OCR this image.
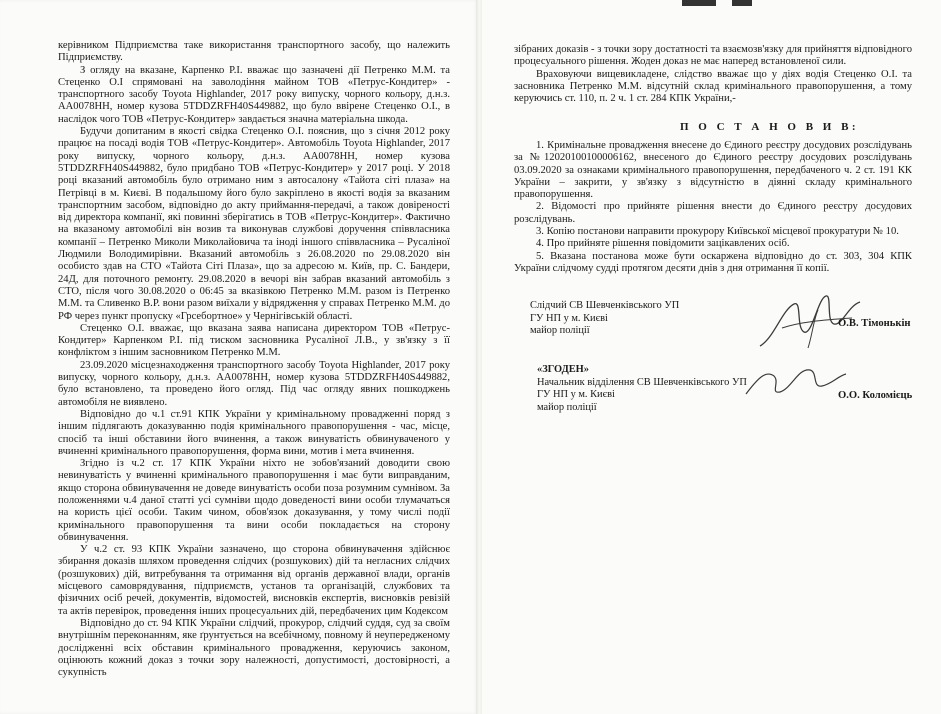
керівником Підприємства таке використання транспортного засобу, що належить Підприємству.

З огляду на вказане, Карпенко Р.І. вважає що зазначені дії Петренко М.М. та Стеценко О.І спрямовані на заволодіння майном ТОВ «Петрус-Кондитер» - транспортного засобу Toyota Highlander, 2017 року випуску, чорного кольору, д.н.з. АА0078НН, номер кузова 5TDDZRFH40S449882, що було ввірене Стеценко О.І., в наслідок чого ТОВ «Петрус-Кондитер» завдається значна матеріальна шкода.

Будучи допитаним в якості свідка Стеценко О.І. пояснив, що з січня 2012 року працює на посаді водія ТОВ «Петрус-Кондитер». Автомобіль Toyota Highlander, 2017 року випуску, чорного кольору, д.н.з. АА0078НН, номер кузова 5TDDZRFH40S449882, було придбано ТОВ «Петрус-Кондитер» у 2017 році. У 2018 році вказаний автомобіль було отримано ним з автосалону «Тайота сіті плаза» на Петрівці в м. Києві. В подальшому його було закріплено в якості водія за вказаним транспортним засобом, відповідно до акту приймання-передачі, а також довіреності від директора компанії, які повинні зберігатись в ТОВ «Петрус-Кондитер». Фактично на вказаному автомобілі він возив та виконував службові доручення співвласника компанії – Петренко Миколи Миколайовича та іноді іншого співвласника – Русаліної Людмили Володимирівни. Вказаний автомобіль з 26.08.2020 по 29.08.2020 він особисто здав на СТО «Тайота Сіті Плаза», що за адресою м. Київ, пр. С. Бандери, 24Д, для поточного ремонту. 29.08.2020 в вечорі він забрав вказаний автомобіль з СТО, після чого 30.08.2020 о 06:45 за вказівкою Петренко М.М. разом із Петренко М.М. та Сливенко В.Р. вони разом виїхали у відрядження у справах Петренко М.М. до РФ через пункт пропуску «Грсебортное» у Чернігівській області.

Стеценко О.І. вважає, що вказана заява написана директором ТОВ «Петрус-Кондитер» Карпенком Р.І. під тиском засновника Русаліної Л.В., у зв'язку з її конфліктом з іншим засновником Петренко М.М.

23.09.2020 місцезнаходження транспортного засобу Toyota Highlander, 2017 року випуску, чорного кольору, д.н.з. АА0078НН, номер кузова 5TDDZRFH40S449882, було встановлено, та проведено його огляд. Під час огляду явних пошкоджень автомобіля не виявлено.

Відповідно до ч.1 ст.91 КПК України у кримінальному провадженні поряд з іншим підлягають доказуванню подія кримінального правопорушення - час, місце, спосіб та інші обставини його вчинення, а також винуватість обвинуваченого у вчиненні кримінального правопорушення, форма вини, мотив і мета вчинення.

Згідно із ч.2 ст. 17 КПК України ніхто не зобов'язаний доводити свою невинуватість у вчиненні кримінального правопорушення і має бути виправданим, якщо сторона обвинувачення не доведе винуватість особи поза розумним сумнівом. За положеннями ч.4 даної статті усі сумніви щодо доведеності вини особи тлумачаться на користь цієї особи. Таким чином, обов'язок доказування, у тому числі події кримінального правопорушення та вини особи покладається на сторону обвинувачення.

У ч.2 ст. 93 КПК України зазначено, що сторона обвинувачення здійснює збирання доказів шляхом проведення слідчих (розшукових) дій та негласних слідчих (розшукових) дій, витребування та отримання від органів державної влади, органів місцевого самоврядування, підприємств, установ та організацій, службових та фізичних осіб речей, документів, відомостей, висновків експертів, висновків ревізій та актів перевірок, проведення інших процесуальних дій, передбачених цим Кодексом

Відповідно до ст. 94 КПК України слідчий, прокурор, слідчий суддя, суд за своїм внутрішнім переконанням, яке ґрунтується на всебічному, повному й неупередженому дослідженні всіх обставин кримінального провадження, керуючись законом, оцінюють кожний доказ з точки зору належності, допустимості, достовірності, а сукупність

зібраних доказів - з точки зору достатності та взаємозв'язку для прийняття відповідного процесуального рішення. Жоден доказ не має наперед встановленої сили.

Враховуючи вищевикладене, слідство вважає що у діях водія Стеценко О.І. та засновника Петренко М.М. відсутній склад кримінального правопорушення, а тому керуючись ст. 110, п. 2 ч. 1 ст. 284 КПК України,-

П О С Т А Н О В И В:

1. Кримінальне провадження внесене до Єдиного реєстру досудових розслідувань за №12020100100006162, внесеного до Єдиного реєстру досудових розслідувань 03.09.2020 за ознаками кримінального правопорушення, передбаченого ч. 2 ст. 191 КК України – закрити, у зв'язку з відсутністю в діянні складу кримінального правопорушення.

2. Відомості про прийняте рішення внести до Єдиного реєстру досудових розслідувань.

3. Копію постанови направити прокурору Київської місцевої прокуратури № 10.

4. Про прийняте рішення повідомити зацікавлених осіб.

5. Вказана постанова може бути оскаржена відповідно до ст. 303, 304 КПК України слідчому судді протягом десяти днів з дня отримання її копії.

Слідчий СВ Шевченківського УП
ГУ НП у м. Києві
майор поліції
О.В. Тімонькін
«ЗГОДЕН»
Начальник відділення СВ Шевченківського УП
ГУ НП у м. Києві
майор поліції
О.О. Коломієць
